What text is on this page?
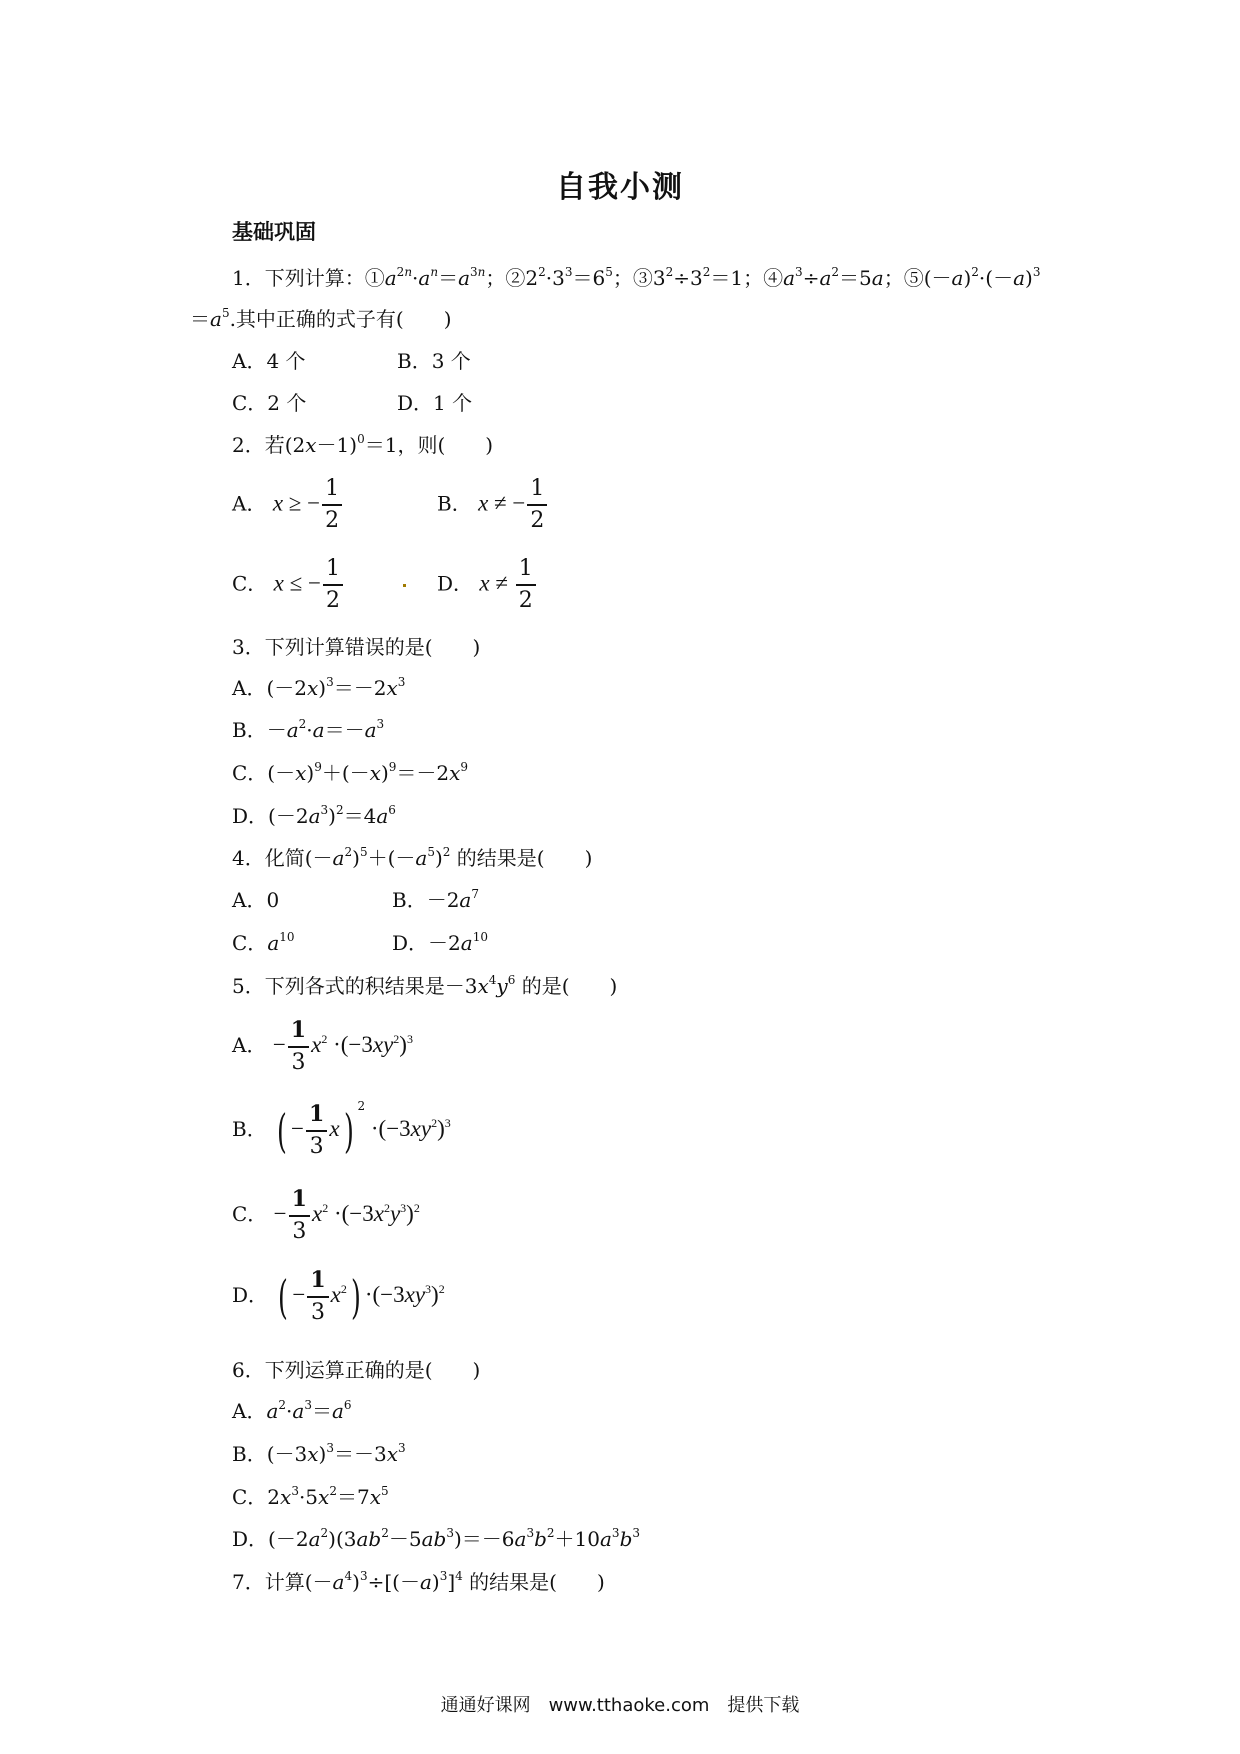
自我小测
基础巩固
1．下列计算：$①a^{2n}\cdot a^n=a^{3n}$；$②2^2\cdot 3^3=6^5$；$③3^2\div 3^2=1$；$④a^3\div a^2=5a$；$⑤(-a)^2\cdot(-a)^3$
$=a^5$.其中正确的式子有(　　)
A．4 个	B．3 个
C．2 个	D．1 个
2．若$(2x-1)^0=1$，则(　　)
A． x ≥ − $\frac{1}{2}$	B． x ≠ − $\frac{1}{2}$
C． x ≤ − $\frac{1}{2}$	D． $x \ne \frac{1}{2}$
3．下列计算错误的是(　　)
A．$(-2x)^3=-2x^3$
B．$-a^2\cdot a=-a^3$
C．$(-x)^9+(-x)^9=-2x^9$
D．$(-2a^3)^2=4a^6$
4．化简$(-a^2)^5+(-a^5)^2$ 的结果是(　　)
A．0	B．$-2a^7$
C．$a^{10}$	D．$-2a^{10}$
5．下列各式的积结果是$-3x^4y^6$ 的是(　　)
A． − $\frac{1}{3} x^2 \cdot(-3xy^2)^3$
B． ( − $\frac{1}{3} x$) $^2 \cdot(-3xy^2)^3$
C． − $\frac{1}{3} x^2 \cdot(-3x^2y^3)^2$
D． ( − $\frac{1}{3} x^2) \cdot(-3xy^3)^2$
6．下列运算正确的是(　　)
A．$a^2\cdot a^3=a^6$
B．$(-3x)^3=-3x^3$
C．$2x^3\cdot 5x^2=7x^5$
D．$(-2a^2)(3ab^2-5ab^3)=-6a^3b^2+10a^3b^3$
7．计算$(-a^4)^3\div[(-a)^3]^4$ 的结果是(　　)
通通好课网　www.tthaoke.com　提供下载
